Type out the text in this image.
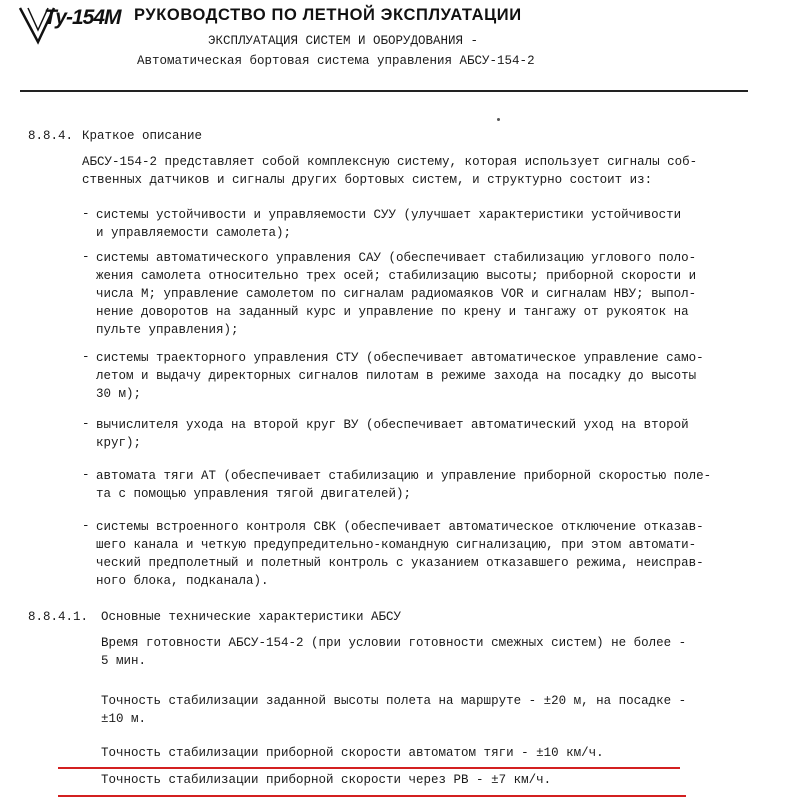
Ту-154М РУКОВОДСТВО ПО ЛЕТНОЙ ЭКСПЛУАТАЦИИ
ЭКСПЛУАТАЦИЯ СИСТЕМ И ОБОРУДОВАНИЯ -
Автоматическая бортовая система управления АБСУ-154-2
8.8.4. Краткое описание
АБСУ-154-2 представляет собой комплексную систему, которая использует сигналы соб-
ственных датчиков и сигналы других бортовых систем, и структурно состоит из:
- системы устойчивости и управляемости СУУ (улучшает характеристики устойчивости
и управляемости самолета);
- системы автоматического управления САУ (обеспечивает стабилизацию углового поло-
жения самолета относительно трех осей; стабилизацию высоты; приборной скорости и
числа М; управление самолетом по сигналам радиомаяков VOR и сигналам НВУ; выпол-
нение доворотов на заданный курс и управление по крену и тангажу от рукояток на
пульте управления);
- системы траекторного управления СТУ (обеспечивает автоматическое управление само-
летом и выдачу директорных сигналов пилотам в режиме захода на посадку до высоты
30 м);
- вычислителя ухода на второй круг ВУ (обеспечивает автоматический уход на второй
круг);
- автомата тяги АТ (обеспечивает стабилизацию и управление приборной скоростью поле-
та с помощью управления тягой двигателей);
- системы встроенного контроля СВК (обеспечивает автоматическое отключение отказав-
шего канала и четкую предупредительно-командную сигнализацию, при этом автомати-
ческий предполетный и полетный контроль с указанием отказавшего режима, неисправ-
ного блока, подканала).
8.8.4.1. Основные технические характеристики АБСУ
Время готовности АБСУ-154-2 (при условии готовности смежных систем) не более -
5 мин.
Точность стабилизации заданной высоты полета на маршруте - ±20 м, на посадке -
±10 м.
Точность стабилизации приборной скорости автоматом тяги - ±10 км/ч.
Точность стабилизации приборной скорости через РВ - ±7 км/ч.
